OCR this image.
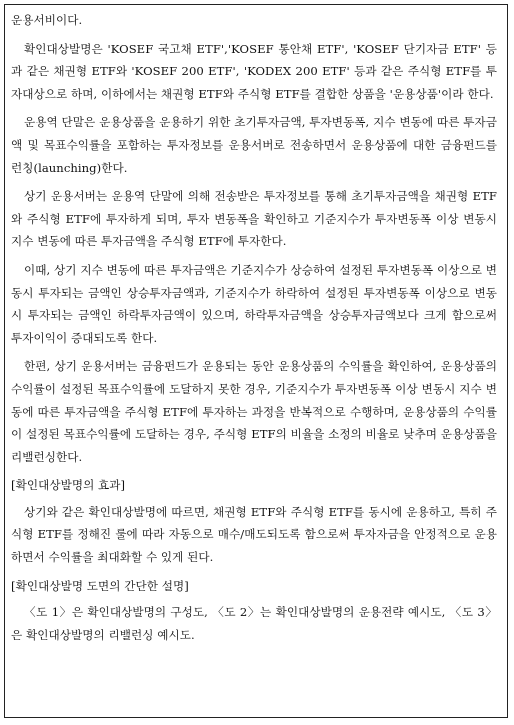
운용서비이다.

확인대상발명은 'KOSEF 국고채 ETF','KOSEF 통안채 ETF', 'KOSEF 단기자금 ETF' 등과 같은 채권형 ETF와 'KOSEF 200 ETF', 'KODEX 200 ETF' 등과 같은 주식형 ETF를 투자대상으로 하며, 이하에서는 채권형 ETF와 주식형 ETF를 결합한 상품을 '운용상품'이라 한다.

운용역 단말은 운용상품을 운용하기 위한 초기투자금액, 투자변동폭, 지수 변동에 따른 투자금액 및 목표수익률을 포함하는 투자정보를 운용서버로 전송하면서 운용상품에 대한 금융펀드를 런칭(launching)한다.

상기 운용서버는 운용역 단말에 의해 전송받은 투자정보를 통해 초기투자금액을 채권형 ETF와 주식형 ETF에 투자하게 되며, 투자 변동폭을 확인하고 기준지수가 투자변동폭 이상 변동시 지수 변동에 따른 투자금액을 주식형 ETF에 투자한다.

이때, 상기 지수 변동에 따른 투자금액은 기준지수가 상승하여 설정된 투자변동폭 이상으로 변동시 투자되는 금액인 상승투자금액과, 기준지수가 하락하여 설정된 투자변동폭 이상으로 변동시 투자되는 금액인 하락투자금액이 있으며, 하락투자금액을 상승투자금액보다 크게 함으로써 투자이익이 증대되도록 한다.

한편, 상기 운용서버는 금융펀드가 운용되는 동안 운용상품의 수익률을 확인하여, 운용상품의 수익률이 설정된 목표수익률에 도달하지 못한 경우, 기준지수가 투자변동폭 이상 변동시 지수 변동에 따른 투자금액을 주식형 ETF에 투자하는 과정을 반복적으로 수행하며, 운용상품의 수익률이 설정된 목표수익률에 도달하는 경우, 주식형 ETF의 비율을 소정의 비율로 낮추며 운용상품을 리밸런싱한다.

[확인대상발명의 효과]

상기와 같은 확인대상발명에 따르면, 채권형 ETF와 주식형 ETF를 동시에 운용하고, 특히 주식형 ETF를 정해진 룰에 따라 자동으로 매수/매도되도록 함으로써 투자자금을 안정적으로 운용하면서 수익률을 최대화할 수 있게 된다.

[확인대상발명 도면의 간단한 설명]

〈도 1〉은 확인대상발명의 구성도, 〈도 2〉는 확인대상발명의 운용전략 예시도, 〈도 3〉은 확인대상발명의 리밸런싱 예시도.
